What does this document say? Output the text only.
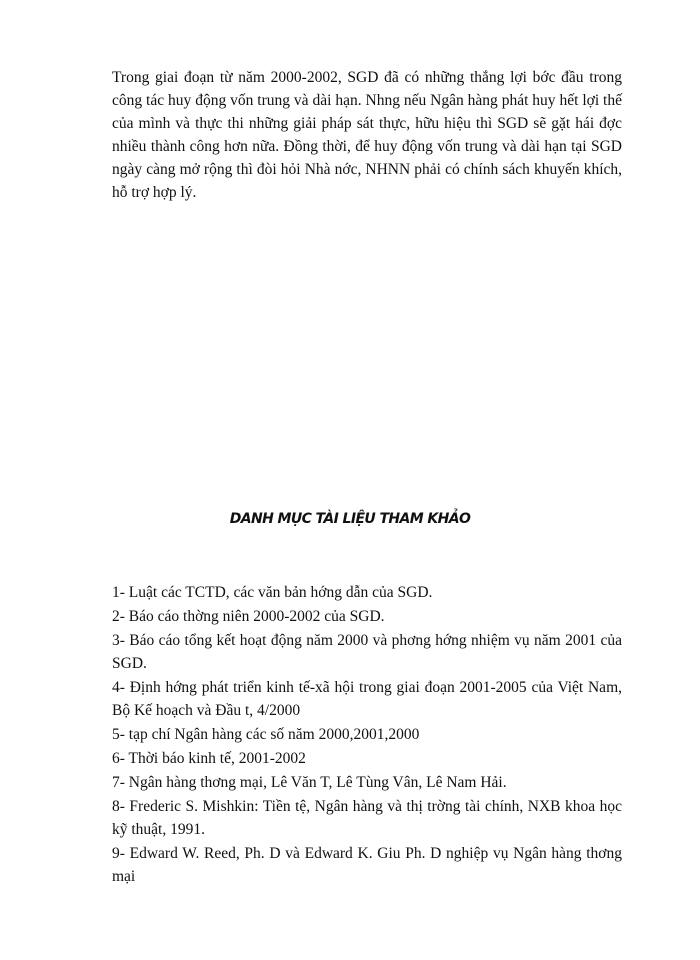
Trong giai đoạn từ năm 2000-2002, SGD đã có những thắng lợi bớc đầu trong công tác huy động vốn trung và dài hạn. Nhng nếu Ngân hàng phát huy hết lợi thế của mình và thực thi những giải pháp sát thực, hữu hiệu thì SGD sẽ gặt hái đợc nhiều thành công hơn nữa. Đồng thời, để huy động vốn trung và dài hạn tại SGD ngày càng mở rộng thì đòi hỏi Nhà nớc, NHNN phải có chính sách khuyến khích, hỗ trợ hợp lý.

DANH MỤC TÀI LIỆU THAM KHẢO
1- Luật các TCTD, các văn bản hớng dẫn của SGD.
2- Báo cáo thờng niên 2000-2002 của SGD.
3- Báo cáo tổng kết hoạt động năm 2000 và phơng hớng nhiệm vụ năm 2001 của SGD.
4- Định hớng phát triển kinh tế-xã hội trong giai đoạn 2001-2005 của Việt Nam, Bộ Kế hoạch và Đầu t, 4/2000
5- tạp chí Ngân hàng các số năm 2000,2001,2000
6- Thời báo kinh tế, 2001-2002
7- Ngân hàng thơng mại, Lê Văn T, Lê Tùng Vân, Lê Nam Hải.
8- Frederic S. Mishkin: Tiền tệ, Ngân hàng và thị trờng tài chính, NXB khoa học kỹ thuật, 1991.
9- Edward W. Reed, Ph. D và Edward K. Giu Ph. D nghiệp vụ Ngân hàng thơng mại
